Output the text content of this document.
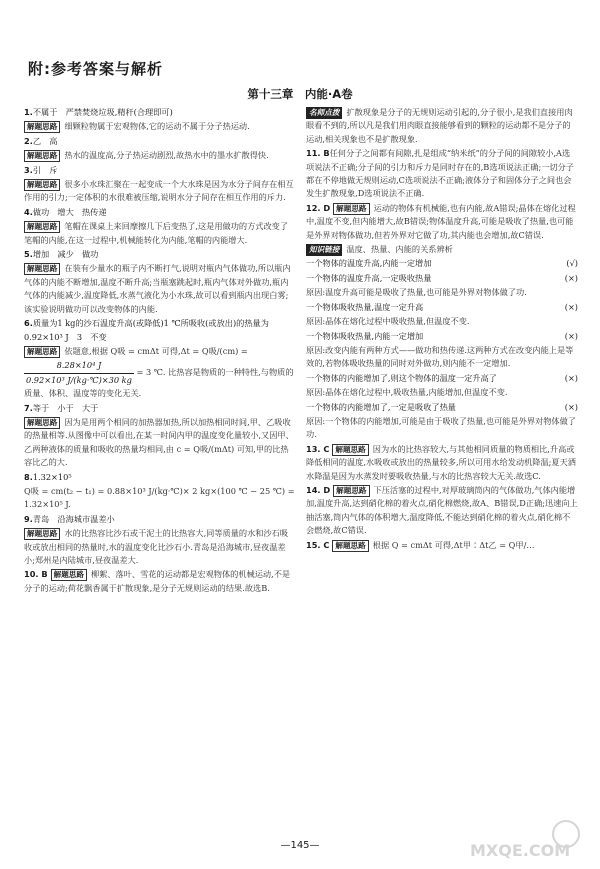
附:参考答案与解析
第十三章　内能·A卷
1.不属于　严禁焚烧垃圾,精秆(合理即可)
解题思路 细颗粒物属于宏观物体,它的运动不属于分子热运动.
2.乙　高
解题思路 热水的温度高,分子热运动剧烈,故热水中的墨水扩散得快.
3.引　斥
解题思路 很多小水珠汇聚在一起变成一个大水珠是因为水分子间存在相互作用的引力;一定体积的水很难被压缩,说明水分子间存在相互作用的斥力.
4.做功　增大　热传递
解题思路 笔帽在课桌上来回摩擦几下后变热了,这是用做功的方式改变了笔帽的内能,在这一过程中,机械能转化为内能,笔帽的内能增大.
5.增加　减少　做功
解题思路 在装有少量水的瓶子内不断打气,说明对瓶内气体做功,所以瓶内气体的内能不断增加,温度不断升高;当瓶塞跳起时,瓶内气体对外做功,瓶内气体的内能减少,温度降低,水蒸气液化为小水珠,故可以看到瓶内出现白雾;该实验说明做功可以改变物体的内能.
6.质量为1 kg的沙石温度升高(或降低)1 ℃所吸收(或放出)的热量为0.92×10³ J　3　不变
解题思路 依题意,根据 Q吸 = cmΔt 可得,Δt = Q吸/(cm) =
$\frac{\text{8.28×10⁴ J}}{\text{0.92×10³ J/(kg·℃)×30 kg}} = 3$ ℃. 比热容是物质的一种特性,与物质的质量、体积、温度等的变化无关.
7.等于　小于　大于
解题思路 因为是用两个相同的加热器加热,所以加热相同时间,甲、乙吸收的热量相等.从图像中可以看出,在某一时间内甲的温度变化量较小,又因甲、乙两种液体的质量和吸收的热量均相同,由 c = Q吸/(mΔt) 可知,甲的比热容比乙的大.
8.1.32×10⁵
Q吸 = cm(t₂ − t₁) = 0.88×10³ J/(kg·℃)× 2 kg×(100 ℃ − 25 ℃) = 1.32×10⁵ J.
9.青岛　沿海城市温差小
解题思路 水的比热容比沙石或干泥土的比热容大,同等质量的水和沙石吸收或放出相同的热量时,水的温度变化比沙石小.青岛是沿海城市,昼夜温差小;郑州是内陆城市,昼夜温差大.
10. B 解题思路 柳絮、落叶、雪花的运动都是宏观物体的机械运动,不是分子的运动;荷花飘香属于扩散现象,是分子无规则运动的结果.故选B.
名师点拨 扩散现象是分子的无规则运动引起的,分子很小,是我们直接用肉眼看不到的,所以凡是我们用肉眼直接能够看到的颗粒的运动都不是分子的运动,相关现象也不是扩散现象.
11. B任何分子之间都有间隙,扎是组成“纳米纸”的分子间的间隙较小,A选项说法不正确;分子间的引力和斥力是同时存在的,B选项说法正确;一切分子都在不停地做无规则运动,C选项说法不正确;液体分子和固体分子之间也会发生扩散现象,D选项说法不正确.
12. D 解题思路 运动的物体有机械能,也有内能,故A错误;晶体在熔化过程中,温度不变,但内能增大,故B错误;物体温度升高,可能是吸收了热量,也可能是外界对物体做功,但若外界对它做了功,其内能也会增加,故C错误.
知识链接 温度、热量、内能的关系辨析
一个物体的温度升高,内能一定增加	(√)
一个物体的温度升高,一定吸收热量	(×)
原因:温度升高可能是吸收了热量,也可能是外界对物体做了功.
一个物体吸收热量,温度一定升高	(×)
原因:晶体在熔化过程中吸收热量,但温度不变.
一个物体吸收热量,内能一定增加	(×)
原因:改变内能有两种方式——做功和热传递.这两种方式在改变内能上是等效的,若物体吸收热量的同时对外做功,则内能不一定增加.
一个物体的内能增加了,则这个物体的温度一定升高了	(×)
原因:晶体在熔化过程中,吸收热量,内能增加,但温度不变.
一个物体的内能增加了,一定是吸收了热量	(×)
原因:一个物体的内能增加,可能是由于吸收了热量,也可能是外界对物体做了功.
13. C 解题思路 因为水的比热容较大,与其他相同质量的物质相比,升高或降低相同的温度,水吸收或放出的热量较多,所以可用水给发动机降温;夏天洒水降温是因为水蒸发时要吸收热量,与水的比热容较大无关.故选C.
14. D 解题思路 下压活塞的过程中,对厚玻璃筒内的气体做功,气体内能增加,温度升高,达到硝化棉的着火点,硝化棉燃烧,故A、B错误,D正确;迅速向上抽活塞,筒内气体的体积增大,温度降低,不能达到硝化棉的着火点,硝化棉不会燃烧,故C错误.
15. C 解题思路 根据 Q = cmΔt 可得,Δt甲∶Δt乙 = Q甲/…
—145—	MXQE.COM
